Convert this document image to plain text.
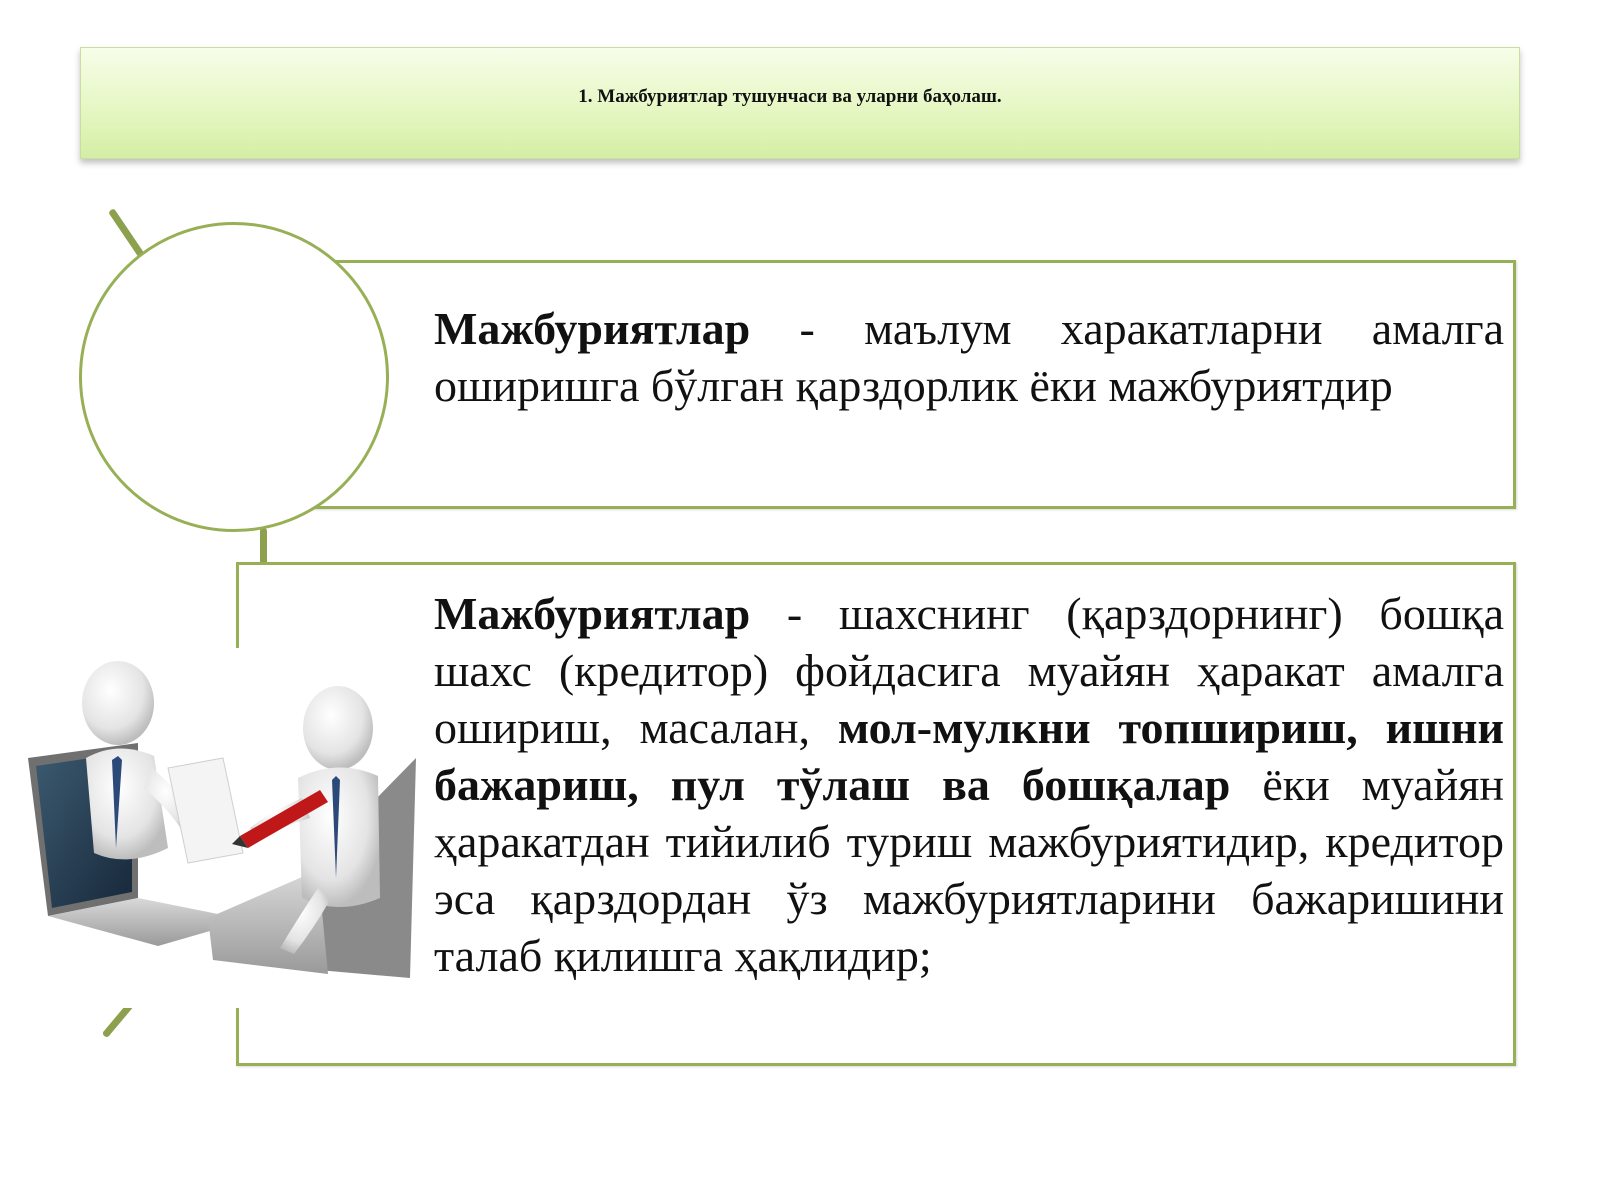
1. Мажбуриятлар тушунчаси ва уларни баҳолаш.
Мажбуриятлар - маълум харакатларни амалга оширишга бўлган қарздорлик ёки мажбуриятдир
Мажбуриятлар - шахснинг (қарздорнинг) бошқа шахс (кредитор) фойдасига муайян ҳаракат амалга ошириш, масалан, мол-мулкни топшириш, ишни бажариш, пул тўлаш ва бошқалар ёки муайян ҳаракатдан тийилиб туриш мажбуриятидир, кредитор эса қарздордан ўз мажбуриятларини бажаришини талаб қилишга ҳақлидир;
